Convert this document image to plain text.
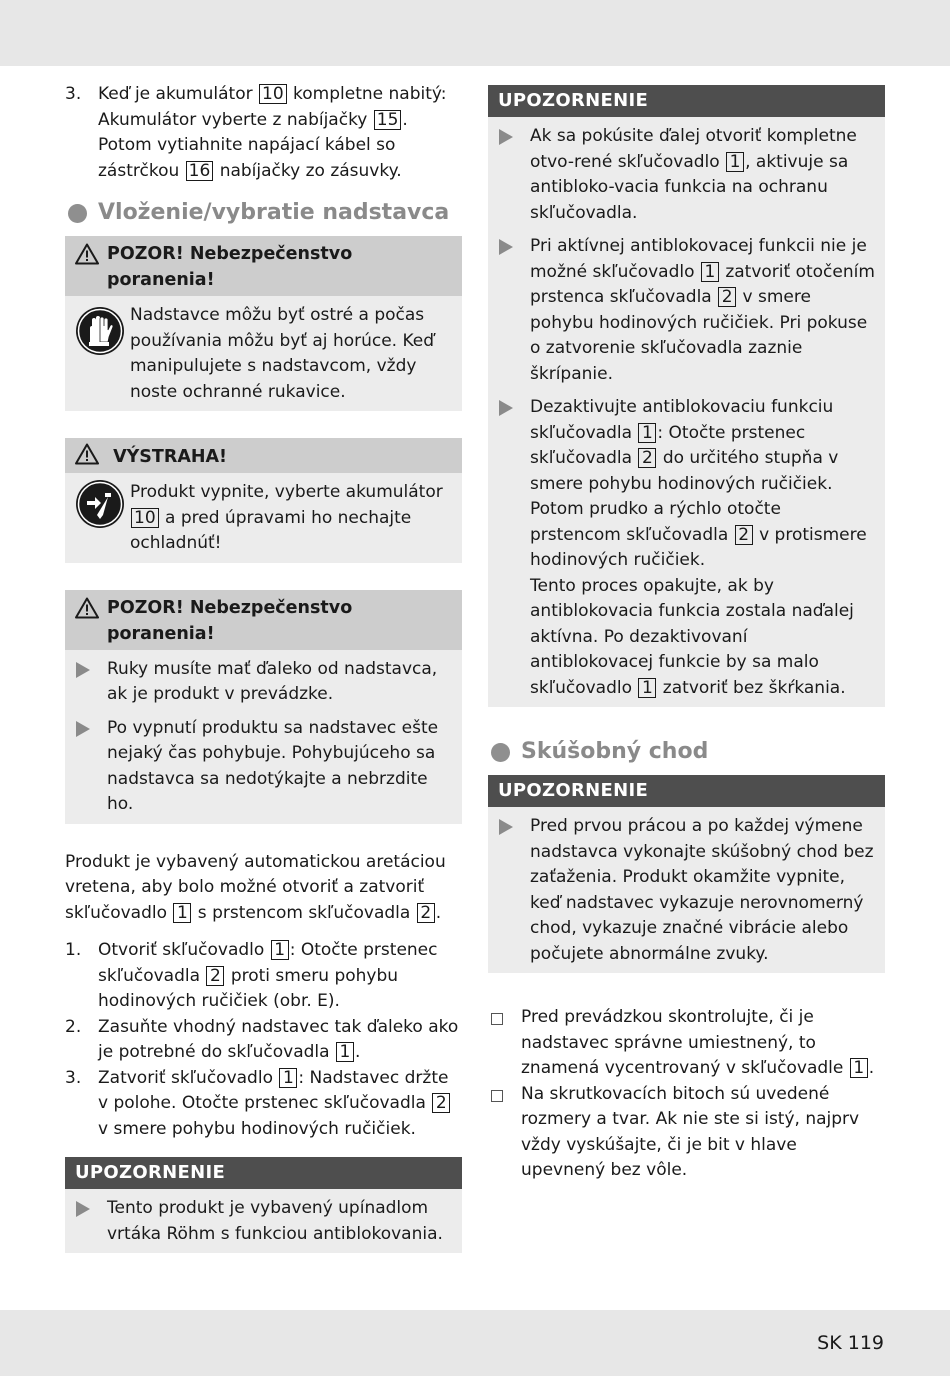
3. Keď je akumulátor 10 kompletne nabitý: Akumulátor vyberte z nabíjačky 15 . Potom vytiahnite napájací kábel so zástrčkou 16 nabíjačky zo zásuvky.
Vloženie/vybratie nadstavca
POZOR! Nebezpečenstvo poranenia!

Nadstavce môžu byť ostré a počas používania môžu byť aj horúce. Keď manipulujete s nadstavcom, vždy noste ochranné rukavice.

VÝSTRAHA!

Produkt vypnite, vyberte akumulátor 10 a pred úpravami ho nechajte ochladnúť!

POZOR! Nebezpečenstvo poranenia!
Ruky musíte mať ďaleko od nadstavca, ak je produkt v prevádzke.
Po vypnutí produktu sa nadstavec ešte nejaký čas pohybuje. Pohybujúceho sa nadstavca sa nedotýkajte a nebrzdite ho.

Produkt je vybavený automatickou aretáciou vretena, aby bolo možné otvoriť a zatvoriť skľučovadlo 1 s prstencom skľučovadla 2 .

1. Otvoriť skľučovadlo 1 : Otočte prstenec skľučovadla 2 proti smeru pohybu hodinových ručičiek (obr. E).
2. Zasuňte vhodný nadstavec tak ďaleko ako je potrebné do skľučovadla 1 .
3. Zatvoriť skľučovadlo 1 : Nadstavec držte v polohe. Otočte prstenec skľučovadla 2 v smere pohybu hodinových ručičiek.
UPOZORNENIE
Tento produkt je vybavený upínadlom vrtáka Röhm s funkciou antiblokovania.
UPOZORNENIE
Ak sa pokúsite ďalej otvoriť kompletne otvo-rené skľučovadlo 1 , aktivuje sa antibloko-vacia funkcia na ochranu skľučovadla.
Pri aktívnej antiblokovacej funkcii nie je možné skľučovadlo 1 zatvoriť otočením prstenca skľučovadla 2 v smere pohybu hodinových ručičiek. Pri pokuse o zatvorenie skľučovadla zaznie škrípanie.
Dezaktivujte antiblokovaciu funkciu skľučovadla 1 : Otočte prstenec skľučovadla 2 do určitého stupňa v smere pohybu hodinových ručičiek. Potom prudko a rýchlo otočte prstencom skľučovadla 2 v protismere hodinových ručičiek.
Tento proces opakujte, ak by antiblokovacia funkcia zostala naďalej aktívna. Po dezaktivovaní antiblokovacej funkcie by sa malo skľučovadlo 1 zatvoriť bez škŕkania.
Skúšobný chod
UPOZORNENIE
Pred prvou prácou a po každej výmene nadstavca vykonajte skúšobný chod bez zaťaženia. Produkt okamžite vypnite, keď nadstavec vykazuje nerovnomerný chod, vykazuje značné vibrácie alebo počujete abnormálne zvuky.
Pred prevádzkou skontrolujte, či je nadstavec správne umiestnený, to znamená vycentrovaný v skľučovadle 1 .
Na skrutkovacích bitoch sú uvedené rozmery a tvar. Ak nie ste si istý, najprv vždy vyskúšajte, či je bit v hlave upevnený bez vôle.
SK 119
